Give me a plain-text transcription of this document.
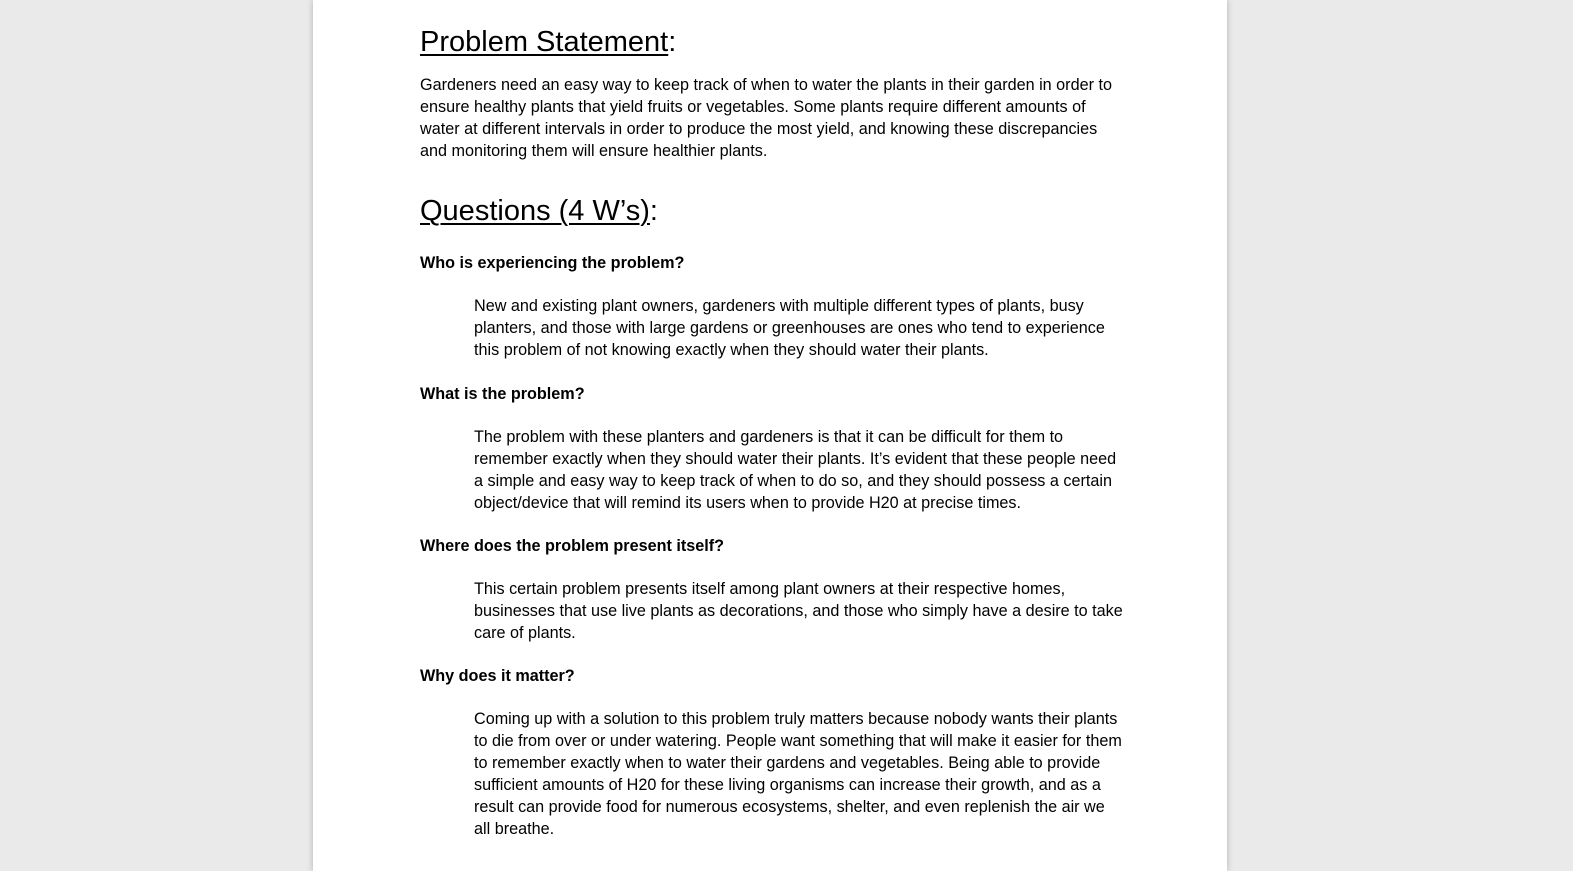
Problem Statement:

Gardeners need an easy way to keep track of when to water the plants in their garden in order to ensure healthy plants that yield fruits or vegetables. Some plants require different amounts of water at different intervals in order to produce the most yield, and knowing these discrepancies and monitoring them will ensure healthier plants.

Questions (4 W’s):

Who is experiencing the problem?

New and existing plant owners, gardeners with multiple different types of plants, busy planters, and those with large gardens or greenhouses are ones who tend to experience this problem of not knowing exactly when they should water their plants.

What is the problem?

The problem with these planters and gardeners is that it can be difficult for them to remember exactly when they should water their plants. It’s evident that these people need a simple and easy way to keep track of when to do so, and they should possess a certain object/device that will remind its users when to provide H20 at precise times.

Where does the problem present itself?

This certain problem presents itself among plant owners at their respective homes, businesses that use live plants as decorations, and those who simply have a desire to take care of plants.

Why does it matter?

Coming up with a solution to this problem truly matters because nobody wants their plants to die from over or under watering. People want something that will make it easier for them to remember exactly when to water their gardens and vegetables. Being able to provide sufficient amounts of H20 for these living organisms can increase their growth, and as a result can provide food for numerous ecosystems, shelter, and even replenish the air we all breathe.
